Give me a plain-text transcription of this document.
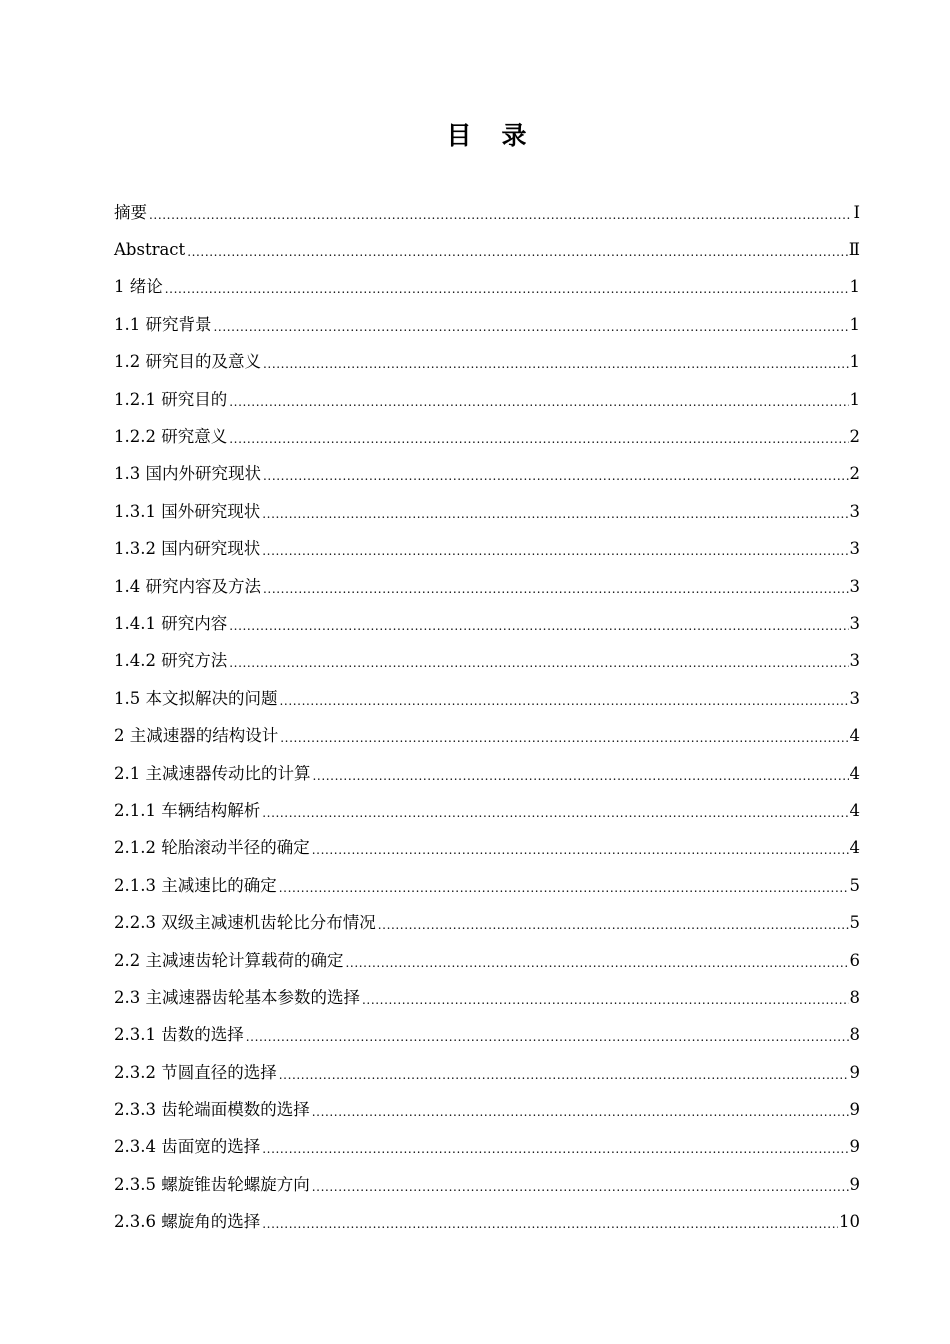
目 录
摘要 .....	Ⅰ
Abstract .....	Ⅱ
1 绪论 .....	1
1.1 研究背景 .....	1
1.2 研究目的及意义 .....	1
1.2.1 研究目的 .....	1
1.2.2 研究意义 .....	2
1.3 国内外研究现状 .....	2
1.3.1 国外研究现状 .....	3
1.3.2 国内研究现状 .....	3
1.4 研究内容及方法 .....	3
1.4.1 研究内容 .....	3
1.4.2 研究方法 .....	3
1.5 本文拟解决的问题 .....	3
2 主减速器的结构设计 .....	4
2.1 主减速器传动比的计算 .....	4
2.1.1 车辆结构解析 .....	4
2.1.2 轮胎滚动半径的确定 .....	4
2.1.3 主减速比的确定 .....	5
2.2.3 双级主减速机齿轮比分布情况 .....	5
2.2 主减速齿轮计算载荷的确定 .....	6
2.3 主减速器齿轮基本参数的选择 .....	8
2.3.1 齿数的选择 .....	8
2.3.2 节圆直径的选择 .....	9
2.3.3 齿轮端面模数的选择 .....	9
2.3.4 齿面宽的选择 .....	9
2.3.5 螺旋锥齿轮螺旋方向 .....	9
2.3.6 螺旋角的选择 .....	10
